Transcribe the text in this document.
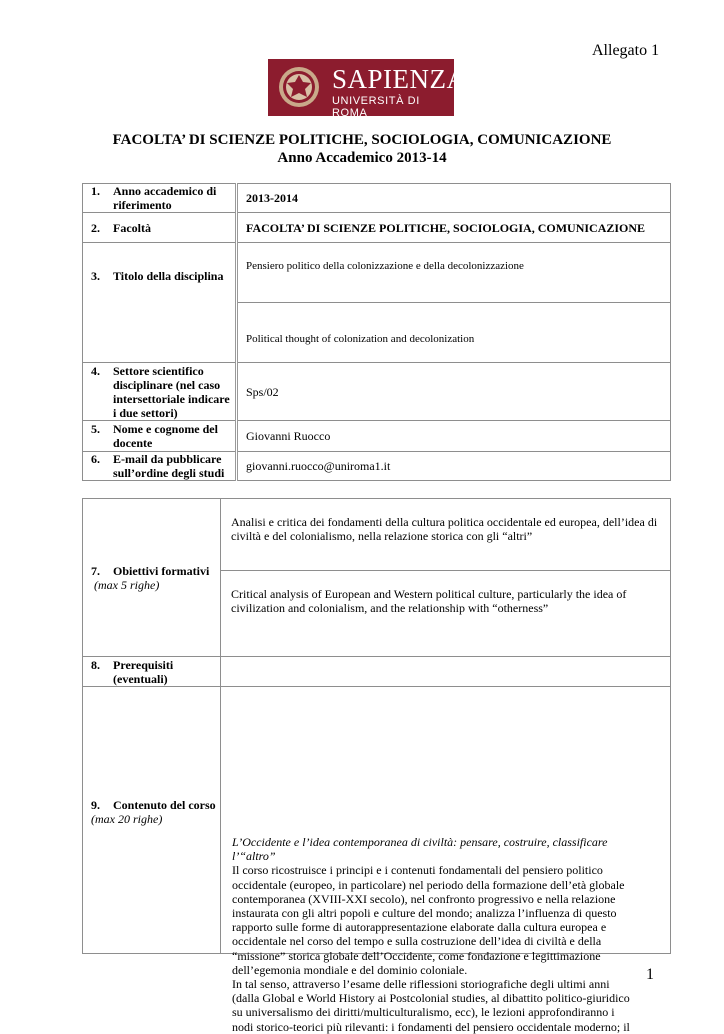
Allegato 1
SAPIENZA
UNIVERSITÀ DI ROMA
FACOLTA’ DI SCIENZE POLITICHE, SOCIOLOGIA, COMUNICAZIONE
Anno Accademico 2013-14
1. Anno accademico di riferimento	2013-2014

2. Facoltà	FACOLTA’ DI SCIENZE POLITICHE, SOCIOLOGIA, COMUNICAZIONE

3. Titolo della disciplina	Pensiero politico della colonizzazione e della decolonizzazione

	Political thought of colonization and decolonization

4. Settore scientifico disciplinare (nel caso intersettoriale indicare i due settori)	Sps/02

5. Nome e cognome del docente	Giovanni Ruocco

6. E-mail da pubblicare sull’ordine degli studi	giovanni.ruocco@uniroma1.it
7. Obiettivi formativi
(max 5 righe)	Analisi e critica dei fondamenti della cultura politica occidentale ed europea, dell’idea di civiltà e del colonialismo, nella relazione storica con gli “altri”

	Critical analysis of European and Western political culture, particularly the idea of civilization and colonialism, and the relationship with “otherness”

8. Prerequisiti (eventuali)	

9. Contenuto del corso
(max 20 righe)	

L’Occidente e l’idea contemporanea di civiltà: pensare, costruire, classificare l’“altro”
Il corso ricostruisce i principi e i contenuti fondamentali del pensiero politico occidentale (europeo, in particolare) nel periodo della formazione dell’età globale contemporanea (XVIII-XXI secolo), nel confronto progressivo e nella relazione instaurata con gli altri popoli e culture del mondo; analizza l’influenza di questo rapporto sulle forme di autorappresentazione elaborate dalla cultura europea e occidentale nel corso del tempo e sulla costruzione dell’idea di civiltà e della “missione” storica globale dell’Occidente, come fondazione e legittimazione dell’egemonia mondiale e del dominio coloniale.
In tal senso, attraverso l’esame delle riflessioni storiografiche degli ultimi anni (dalla Global e World History ai Postcolonial studies, al dibattito politico-giuridico su universalismo dei diritti/multiculturalismo, ecc), le lezioni approfondiranno i nodi storico-teorici più rilevanti: i fondamenti del pensiero occidentale moderno; il
1
